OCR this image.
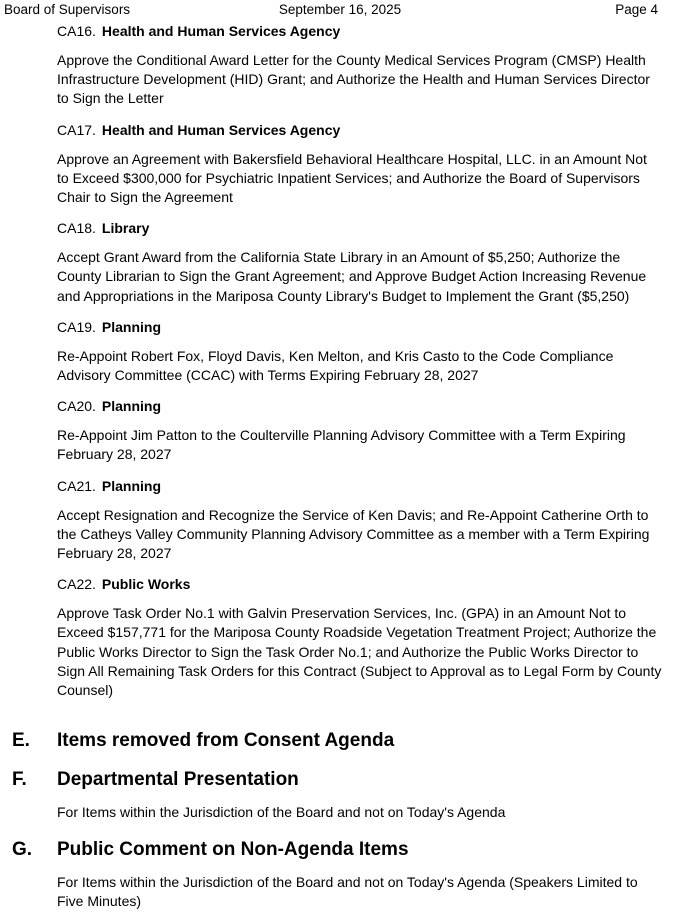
Board of Supervisors	September 16, 2025	Page 4

CA16. Health and Human Services Agency

Approve the Conditional Award Letter for the County Medical Services Program (CMSP) Health Infrastructure Development (HID) Grant; and Authorize the Health and Human Services Director to Sign the Letter

CA17. Health and Human Services Agency

Approve an Agreement with Bakersfield Behavioral Healthcare Hospital, LLC. in an Amount Not to Exceed $300,000 for Psychiatric Inpatient Services; and Authorize the Board of Supervisors Chair to Sign the Agreement

CA18. Library

Accept Grant Award from the California State Library in an Amount of $5,250; Authorize the County Librarian to Sign the Grant Agreement; and Approve Budget Action Increasing Revenue and Appropriations in the Mariposa County Library's Budget to Implement the Grant ($5,250)

CA19. Planning

Re-Appoint Robert Fox, Floyd Davis, Ken Melton, and Kris Casto to the Code Compliance Advisory Committee (CCAC) with Terms Expiring February 28, 2027

CA20. Planning

Re-Appoint Jim Patton to the Coulterville Planning Advisory Committee with a Term Expiring February 28, 2027

CA21. Planning

Accept Resignation and Recognize the Service of Ken Davis; and Re-Appoint Catherine Orth to the Catheys Valley Community Planning Advisory Committee as a member with a Term Expiring February 28, 2027

CA22. Public Works

Approve Task Order No.1 with Galvin Preservation Services, Inc. (GPA) in an Amount Not to Exceed $157,771 for the Mariposa County Roadside Vegetation Treatment Project; Authorize the Public Works Director to Sign the Task Order No.1; and Authorize the Public Works Director to Sign All Remaining Task Orders for this Contract (Subject to Approval as to Legal Form by County Counsel)

E. Items removed from Consent Agenda
F. Departmental Presentation
For Items within the Jurisdiction of the Board and not on Today's Agenda
G. Public Comment on Non-Agenda Items
For Items within the Jurisdiction of the Board and not on Today's Agenda (Speakers Limited to Five Minutes)
